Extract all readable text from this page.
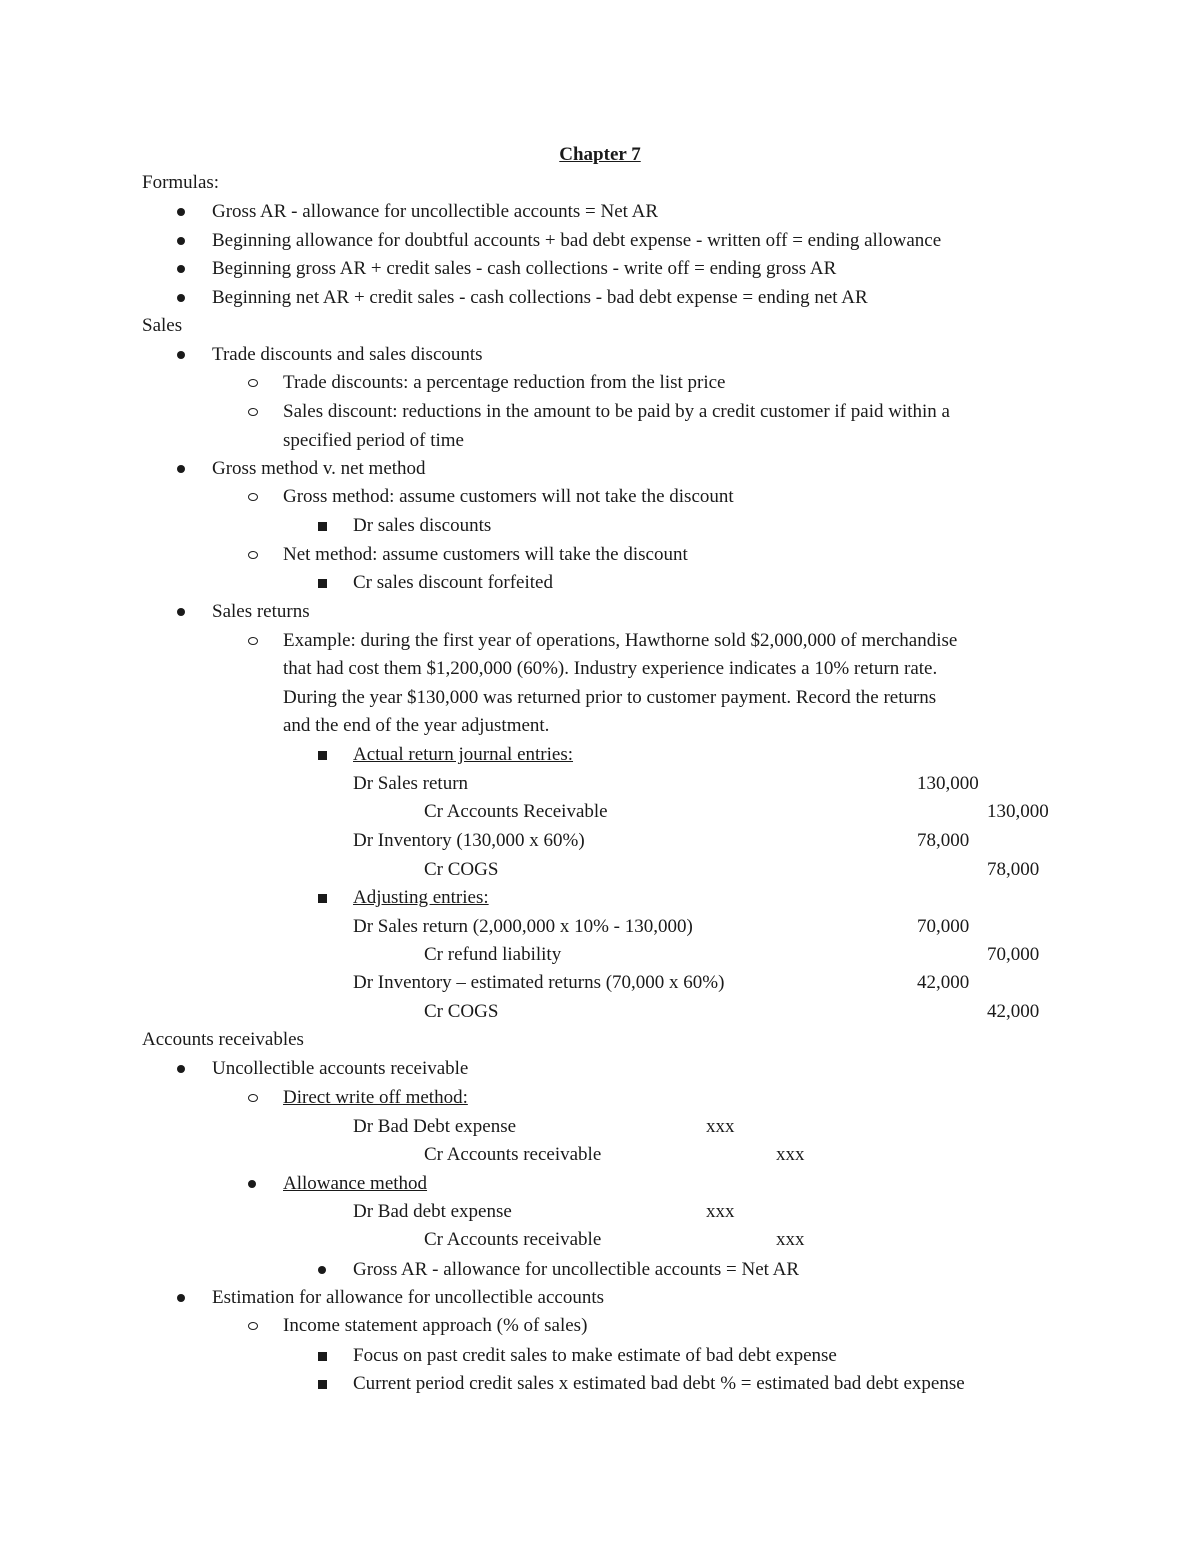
Chapter 7
Formulas:
Gross AR - allowance for uncollectible accounts = Net AR
Beginning allowance for doubtful accounts + bad debt expense - written off = ending allowance
Beginning gross AR + credit sales - cash collections - write off = ending gross AR
Beginning net AR + credit sales - cash collections - bad debt expense = ending net AR
Sales
Trade discounts and sales discounts
Trade discounts: a percentage reduction from the list price
Sales discount: reductions in the amount to be paid by a credit customer if paid within a
specified period of time
Gross method v. net method
Gross method: assume customers will not take the discount
Dr sales discounts
Net method: assume customers will take the discount
Cr sales discount forfeited
Sales returns
Example: during the first year of operations, Hawthorne sold $2,000,000 of merchandise
that had cost them $1,200,000 (60%). Industry experience indicates a 10% return rate.
During the year $130,000 was returned prior to customer payment. Record the returns
and the end of the year adjustment.
Actual return journal entries:
Dr Sales return	130,000
Cr Accounts Receivable	130,000
Dr Inventory (130,000 x 60%)	78,000
Cr COGS	78,000
Adjusting entries:
Dr Sales return (2,000,000 x 10% - 130,000)	70,000
Cr refund liability	70,000
Dr Inventory – estimated returns (70,000 x 60%)	42,000
Cr COGS	42,000
Accounts receivables
Uncollectible accounts receivable
Direct write off method:
Dr Bad Debt expense	xxx
Cr Accounts receivable	xxx
Allowance method
Dr Bad debt expense	xxx
Cr Accounts receivable	xxx
Gross AR - allowance for uncollectible accounts = Net AR
Estimation for allowance for uncollectible accounts
Income statement approach (% of sales)
Focus on past credit sales to make estimate of bad debt expense
Current period credit sales x estimated bad debt % = estimated bad debt expense
